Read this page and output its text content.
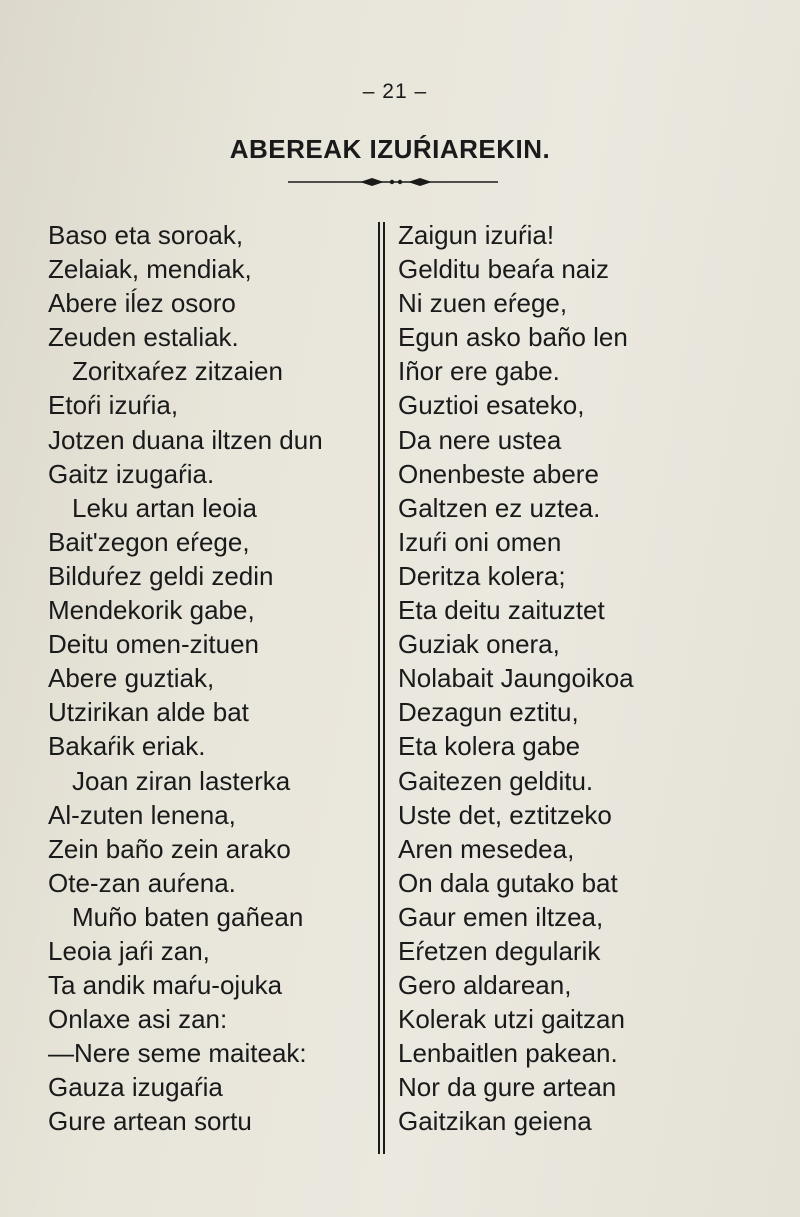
– 21 –
ABEREAK IZUŔIAREKIN.
Baso eta soroak,
Zelaiak, mendiak,
Abere iĺez osoro
Zeuden estaliak.
Zoritxaŕez zitzaien
Etoŕi izuŕia,
Jotzen duana iltzen dun
Gaitz izugaŕia.
Leku artan leoia
Bait'zegon eŕege,
Bilduŕez geldi zedin
Mendekorik gabe,
Deitu omen-zituen
Abere guztiak,
Utzirikan alde bat
Bakaŕik eriak.
Joan ziran lasterka
Al-zuten lenena,
Zein baño zein arako
Ote-zan auŕena.
Muño baten gañean
Leoia jaŕi zan,
Ta andik maŕu-ojuka
Onlaxe asi zan:
—Nere seme maiteak:
Gauza izugaŕia
Gure artean sortu
Zaigun izuŕia!
Gelditu beaŕa naiz
Ni zuen eŕege,
Egun asko baño len
Iñor ere gabe.
Guztioi esateko,
Da nere ustea
Onenbeste abere
Galtzen ez uztea.
Izuŕi oni omen
Deritza kolera;
Eta deitu zaituztet
Guziak onera,
Nolabait Jaungoikoa
Dezagun eztitu,
Eta kolera gabe
Gaitezen gelditu.
Uste det, eztitzeko
Aren mesedea,
On dala gutako bat
Gaur emen iltzea,
Eŕetzen degularik
Gero aldarean,
Kolerak utzi gaitzan
Lenbaitlen pakean.
Nor da gure artean
Gaitzikan geiena
